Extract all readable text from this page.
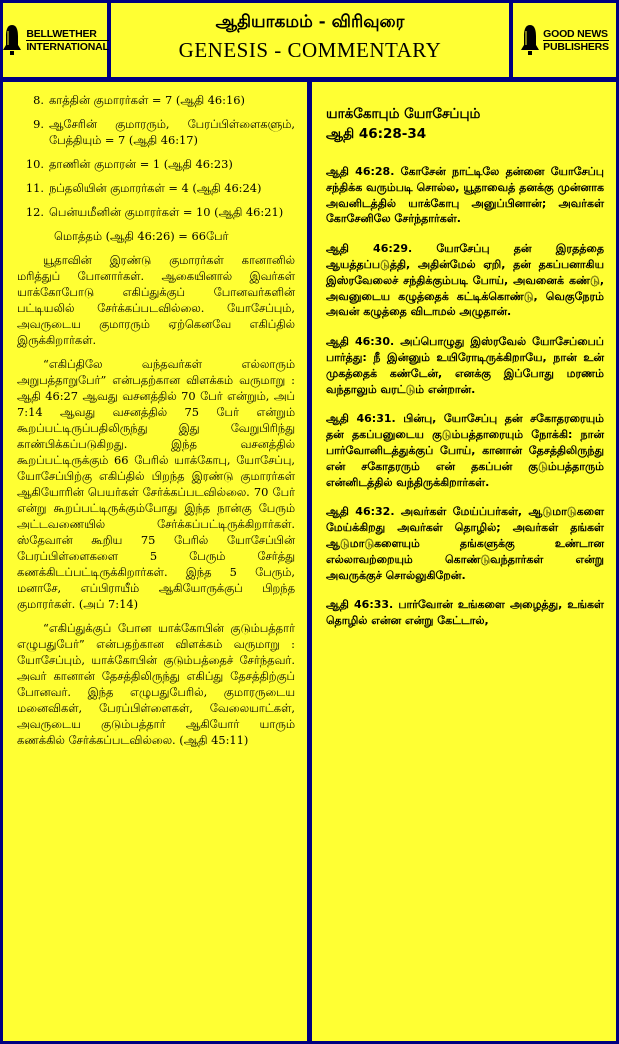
BELLWETHER
INTERNATIONAL
ஆதியாகமம் - விரிவுரை
GENESIS - COMMENTARY
GOOD NEWS
PUBLISHERS
8. காத்தின் குமாரர்கள் = 7 (ஆதி 46:16)
9. ஆசேரின் குமாரரும், பேரப்பிள்ளைகளும், பேத்தியும் = 7 (ஆதி 46:17)
10. தாணின் குமாரன் = 1 (ஆதி 46:23)
11. நப்தலியின் குமாரர்கள் = 4 (ஆதி 46:24)
12. பென்யமீனின் குமாரர்கள் = 10 (ஆதி 46:21)
மொத்தம் (ஆதி 46:26) = 66பேர்

யூதாவின் இரண்டு குமாரர்கள் கானானில் மரித்துப் போனார்கள். ஆகையினால் இவர்கள் யாக்கோபோடு எகிப்துக்குப் போனவர்களின் பட்டியலில் சேர்க்கப்படவில்லை. யோசேப்பும், அவருடைய குமாரரும் ஏற்கெனவே எகிப்தில் இருக்கிறார்கள்.

“எகிப்திலே வந்தவர்கள் எல்லாரும் அறுபத்தாறுபேர்” என்பதற்கான விளக்கம் வருமாறு : ஆதி 46:27 ஆவது வசனத்தில் 70 பேர் என்றும், அப் 7:14 ஆவது வசனத்தில் 75 பேர் என்றும் கூறப்பட்டிருப்பதிலிருந்து இது வேறுபிரிந்து காண்பிக்கப்படுகிறது. இந்த வசனத்தில் கூறப்பட்டிருக்கும் 66 பேரில் யாக்கோபு, யோசேப்பு, யோசேப்பிற்கு எகிப்தில் பிறந்த இரண்டு குமாரர்கள் ஆகியோரின் பெயர்கள் சேர்க்கப்படவில்லை. 70 பேர் என்று கூறப்பட்டிருக்கும்போது இந்த நான்கு பேரும் அட்டவணையில் சேர்க்கப்பட்டிருக்கிறார்கள். ஸ்தேவான் கூறிய 75 பேரில் யோசேப்பின் பேரப்பிள்ளைகளை 5 பேரும் சேர்த்து கணக்கிடப்பட்டிருக்கிறார்கள். இந்த 5 பேரும், மனாசே, எப்பிராயீம் ஆகியோருக்குப் பிறந்த குமாரர்கள். (அப் 7:14)

“எகிப்துக்குப் போன யாக்கோபின் குடும்பத்தார் எழுபதுபேர்” என்பதற்கான விளக்கம் வருமாறு : யோசேப்பும், யாக்கோபின் குடும்பத்தைச் சேர்ந்தவர். அவர் கானான் தேசத்திலிருந்து எகிப்து தேசத்திற்குப் போனவர். இந்த எழுபதுபேரில், குமாரருடைய மனைவிகள், பேரப்பிள்ளைகள், வேலையாட்கள், அவருடைய குடும்பத்தார் ஆகியோர் யாரும் கணக்கில் சேர்க்கப்படவில்லை. (ஆதி 45:11)

யாக்கோபும் யோசேப்பும்
ஆதி 46:28-34

ஆதி 46:28. கோசேன் நாட்டிலே தன்னை யோசேப்பு சந்திக்க வரும்படி சொல்ல, யூதாவைத் தனக்கு முன்னாக அவனிடத்தில் யாக்கோபு அனுப்பினான்; அவர்கள் கோசேனிலே சேர்ந்தார்கள்.

ஆதி 46:29. யோசேப்பு தன் இரதத்தை ஆயத்தப்படுத்தி, அதின்மேல் ஏறி, தன் தகப்பனாகிய இஸ்ரவேலைச் சந்திக்கும்படி போய், அவனைக் கண்டு, அவனுடைய கழுத்தைக் கட்டிக்கொண்டு, வெகுநேரம் அவன் கழுத்தை விடாமல் அழுதான்.

ஆதி 46:30. அப்பொழுது இஸ்ரவேல் யோசேப்பைப் பார்த்து: நீ இன்னும் உயிரோடிருக்கிறாயே, நான் உன் முகத்தைக் கண்டேன், எனக்கு இப்போது மரணம் வந்தாலும் வரட்டும் என்றான்.

ஆதி 46:31. பின்பு, யோசேப்பு தன் சகோதரரையும் தன் தகப்பனுடைய குடும்பத்தாரையும் நோக்கி: நான் பார்வோனிடத்துக்குப் போய், கானான் தேசத்திலிருந்து என் சகோதரரும் என் தகப்பன் குடும்பத்தாரும் என்னிடத்தில் வந்திருக்கிறார்கள்.

ஆதி 46:32. அவர்கள் மேய்ப்பர்கள், ஆடுமாடுகளை மேய்க்கிறது அவர்கள் தொழில்; அவர்கள் தங்கள் ஆடுமாடுகளையும் தங்களுக்கு உண்டான எல்லாவற்றையும் கொண்டுவந்தார்கள் என்று அவருக்குச் சொல்லுகிறேன்.

ஆதி 46:33. பார்வோன் உங்களை அழைத்து, உங்கள் தொழில் என்ன என்று கேட்டால்,
